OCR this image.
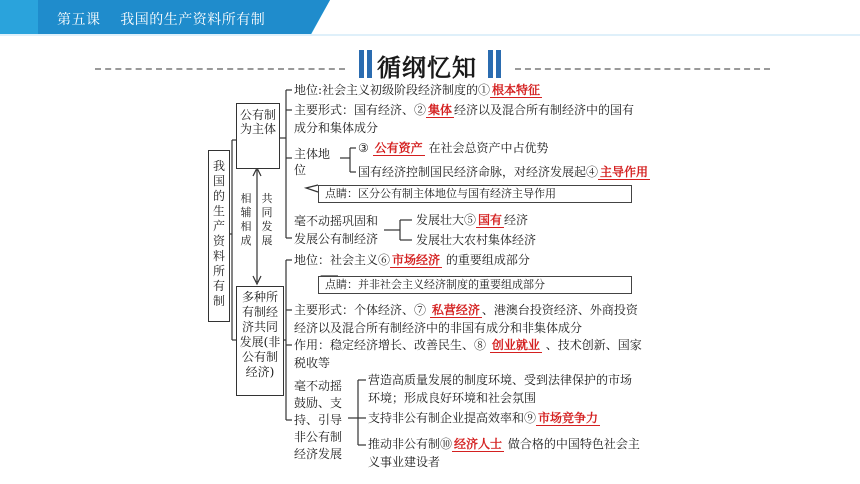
第五课    我国的生产资料所有制
循纲忆知
我国的生产资料所有制
公有制为主体
相辅相成
共同发展
多种所有制经济共同发展(非公有制经济)
地位:社会主义初级阶段经济制度的① 根本特征
主要形式：国有经济、② 集体 经济以及混合所有制经济中的国有
成分和集体成分
主体地位
③ 公有资产 在社会总资产中占优势
国有经济控制国民经济命脉，对经济发展起④ 主导作用
点睛：区分公有制主体地位与国有经济主导作用
毫不动摇巩固和发展公有制经济
发展壮大⑤ 国有 经济
发展壮大农村集体经济
地位：社会主义⑥ 市场经济 的重要组成部分
点睛：并非社会主义经济制度的重要组成部分
主要形式：个体经济、⑦ 私营经济 、港澳台投资经济、外商投资
经济以及混合所有制经济中的非国有成分和非集体成分
作用：稳定经济增长、改善民生、⑧ 创业就业 、技术创新、国家
税收等
毫不动摇鼓励、支持、引导非公有制经济发展
营造高质量发展的制度环境、受到法律保护的市场
环境；形成良好环境和社会氛围
支持非公有制企业提高效率和⑨ 市场竞争力
推动非公有制⑩ 经济人士 做合格的中国特色社会主
义事业建设者
